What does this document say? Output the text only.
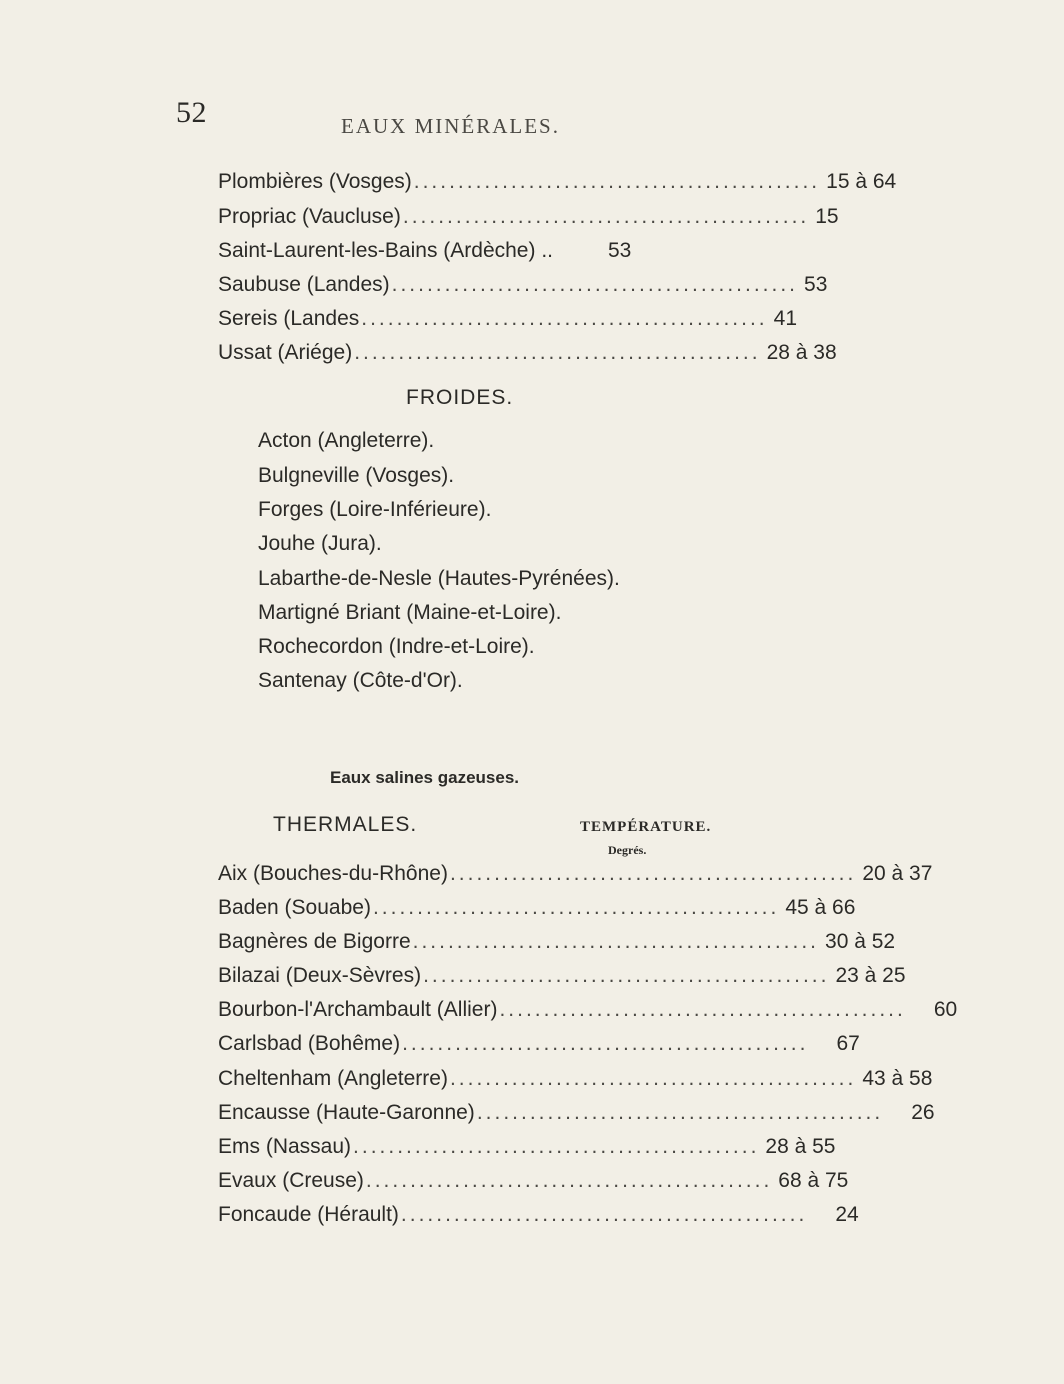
52	EAUX MINÉRALES.
Plombières (Vosges) .............................................. 15 à 64
Propriac (Vaucluse) .............................................. 15
Saint-Laurent-les-Bains (Ardèche) ..	53
Saubuse (Landes) .............................................. 53
Sereis (Landes .............................................. 41
Ussat (Ariége) .............................................. 28 à 38
FROIDES.
Acton (Angleterre).
Bulgneville (Vosges).
Forges (Loire-Inférieure).
Jouhe (Jura).
Labarthe-de-Nesle (Hautes-Pyrénées).
Martigné Briant (Maine-et-Loire).
Rochecordon (Indre-et-Loire).
Santenay (Côte-d'Or).
Eaux salines gazeuses.
THERMALES.	TEMPÉRATURE.
Degrés.
Aix (Bouches-du-Rhône) .............................................. 20 à 37
Baden (Souabe) .............................................. 45 à 66
Bagnères de Bigorre .............................................. 30 à 52
Bilazai (Deux-Sèvres) .............................................. 23 à 25
Bourbon-l'Archambault (Allier) ..............................................	60
Carlsbad (Bohême) ..............................................	67
Cheltenham (Angleterre) .............................................. 43 à 58
Encausse (Haute-Garonne) ..............................................	26
Ems (Nassau) .............................................. 28 à 55
Evaux (Creuse) .............................................. 68 à 75
Foncaude (Hérault) ..............................................	24
